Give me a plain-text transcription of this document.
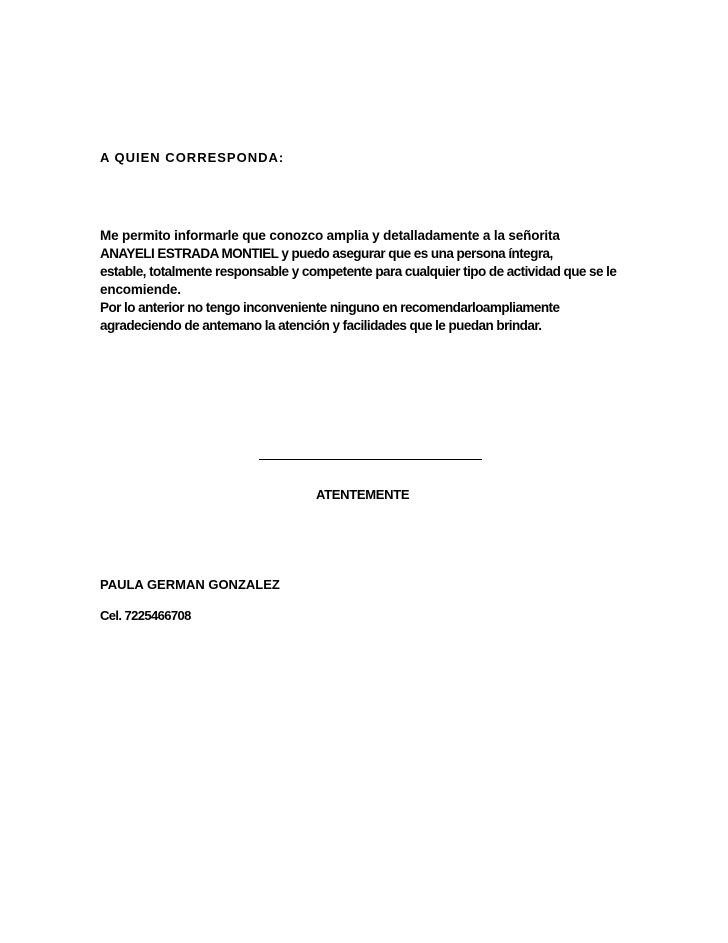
A QUIEN CORRESPONDA:
Me permito informarle que conozco amplia y detalladamente a la señorita
ANAYELI ESTRADA MONTIEL y puedo asegurar que es una persona íntegra,
estable, totalmente responsable y competente para cualquier tipo de actividad que se le
encomiende.
Por lo anterior no tengo inconveniente ninguno en recomendarloampliamente
agradeciendo de antemano la atención y facilidades que le puedan brindar.
ATENTEMENTE
PAULA GERMAN GONZALEZ
Cel. 7225466708
